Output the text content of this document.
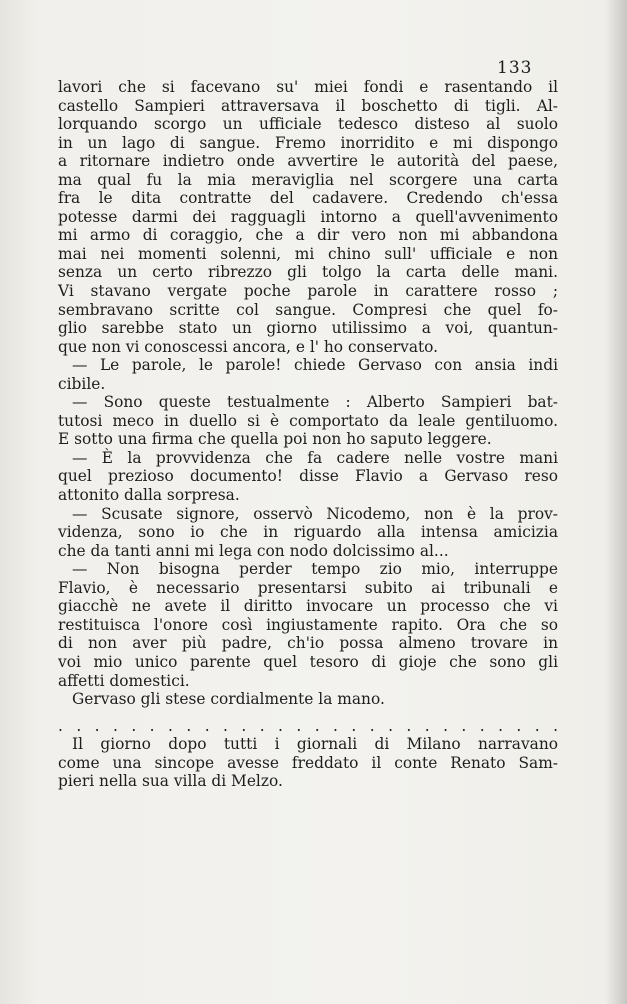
133

lavori che si facevano su' miei fondi e rasentando il

castello Sampieri attraversava il boschetto di tigli. Al-

lorquando scorgo un ufficiale tedesco disteso al suolo

in un lago di sangue. Fremo inorridito e mi dispongo

a ritornare indietro onde avvertire le autorità del paese,

ma qual fu la mia meraviglia nel scorgere una carta

fra le dita contratte del cadavere. Credendo ch'essa

potesse darmi dei ragguagli intorno a quell'avvenimento

mi armo di coraggio, che a dir vero non mi abbandona

mai nei momenti solenni, mi chino sull' ufficiale e non

senza un certo ribrezzo gli tolgo la carta delle mani.

Vi stavano vergate poche parole in carattere rosso ;

sembravano scritte col sangue. Compresi che quel fo-

glio sarebbe stato un giorno utilissimo a voi, quantun-

que non vi conoscessi ancora, e l' ho conservato.

— Le parole, le parole! chiede Gervaso con ansia indi

cibile.

— Sono queste testualmente : Alberto Sampieri bat-

tutosi meco in duello si è comportato da leale gentiluomo.

E sotto una firma che quella poi non ho saputo leggere.

— È la provvidenza che fa cadere nelle vostre mani

quel prezioso documento! disse Flavio a Gervaso reso

attonito dalla sorpresa.

— Scusate signore, osservò Nicodemo, non è la prov-

videnza, sono io che in riguardo alla intensa amicizia

che da tanti anni mi lega con nodo dolcissimo al...

— Non bisogna perder tempo zio mio, interruppe

Flavio, è necessario presentarsi subito ai tribunali e

giacchè ne avete il diritto invocare un processo che vi

restituisca l'onore così ingiustamente rapito. Ora che so

di non aver più padre, ch'io possa almeno trovare in

voi mio unico parente quel tesoro di gioje che sono gli

affetti domestici.

Gervaso gli stese cordialmente la mano.

. . . . . . . . . . . . . . . . . . . . . . . . . . . .

Il giorno dopo tutti i giornali di Milano narravano

come una sincope avesse freddato il conte Renato Sam-

pieri nella sua villa di Melzo.
